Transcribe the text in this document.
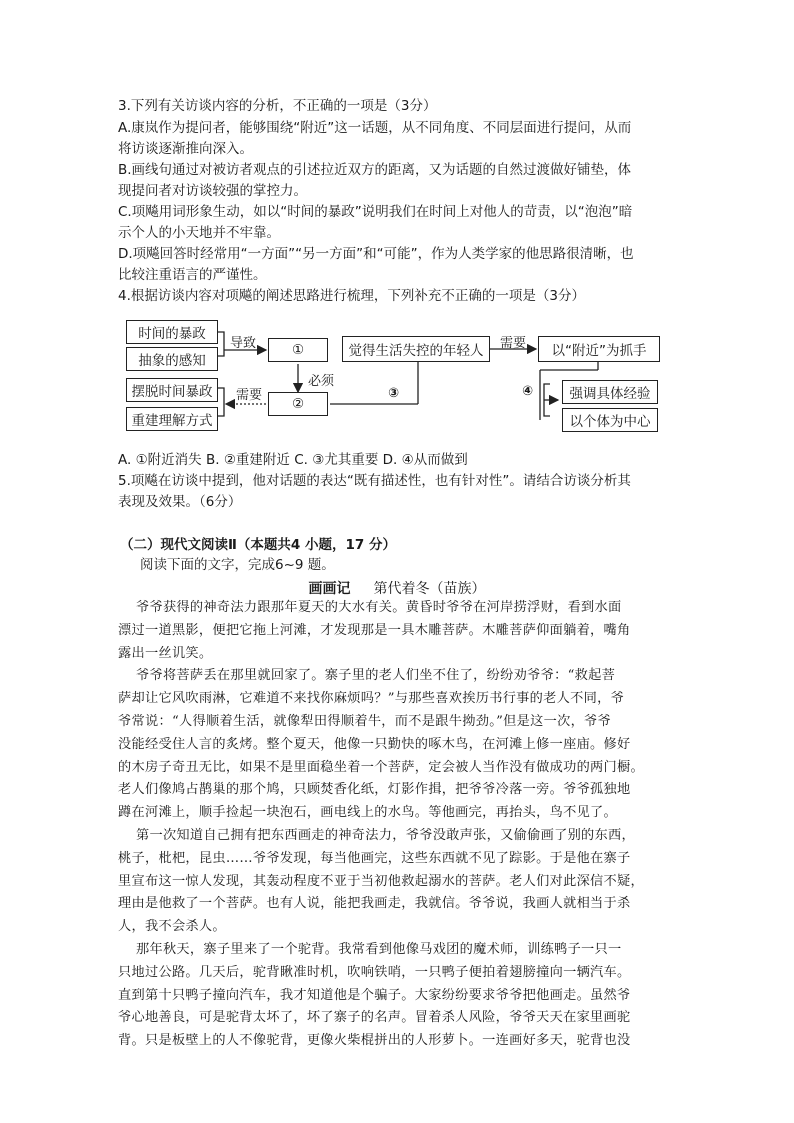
3.下列有关访谈内容的分析，不正确的一项是（3分）
A.康岚作为提问者，能够围绕“附近”这一话题，从不同角度、不同层面进行提问，从而
将访谈逐渐推向深入。
B.画线句通过对被访者观点的引述拉近双方的距离，又为话题的自然过渡做好铺垫，体
现提问者对访谈较强的掌控力。
C.项飚用词形象生动，如以“时间的暴政”说明我们在时间上对他人的苛责，以“泡泡”暗
示个人的小天地并不牢靠。
D.项飚回答时经常用“一方面”“另一方面”和“可能”，作为人类学家的他思路很清晰，也
比较注重语言的严谨性。
4.根据访谈内容对项飚的阐述思路进行梳理，下列补充不正确的一项是（3分）
时间的暴政
抽象的感知
导致	①
必须
②
需要
摆脱时间暴政
重建理解方式
③
觉得生活失控的年轻人	需要	以“附近”为抓手
④	强调具体经验
以个体为中心
A. ①附近消失 B. ②重建附近 C. ③尤其重要 D. ④从而做到
5.项飚在访谈中提到，他对话题的表达“既有描述性，也有针对性”。请结合访谈分析其
表现及效果。（6分）
（二）现代文阅读Ⅱ（本题共4 小题，17 分）
阅读下面的文字，完成6~9 题。
画画记 第代着冬（苗族）
爷爷获得的神奇法力跟那年夏天的大水有关。黄昏时爷爷在河岸捞浮财，看到水面
漂过一道黑影，便把它拖上河滩，才发现那是一具木雕菩萨。木雕菩萨仰面躺着，嘴角
露出一丝讥笑。
爷爷将菩萨丢在那里就回家了。寨子里的老人们坐不住了，纷纷劝爷爷：“救起菩
萨却让它风吹雨淋，它难道不来找你麻烦吗？”与那些喜欢挨历书行事的老人不同，爷
爷常说：“人得顺着生活，就像犁田得顺着牛，而不是跟牛拗劲。”但是这一次，爷爷
没能经受住人言的炙烤。整个夏天，他像一只勤快的啄木鸟，在河滩上修一座庙。修好
的木房子奇丑无比，如果不是里面稳坐着一个菩萨，定会被人当作没有做成功的两门橱。
老人们像鸠占鹊巢的那个鸠，只顾焚香化纸，灯影作揖，把爷爷冷落一旁。爷爷孤独地
蹲在河滩上，顺手捡起一块泡石，画电线上的水鸟。等他画完，再抬头，鸟不见了。
第一次知道自己拥有把东西画走的神奇法力，爷爷没敢声张，又偷偷画了别的东西，
桃子，枇杷，昆虫……爷爷发现，每当他画完，这些东西就不见了踪影。于是他在寨子
里宣布这一惊人发现，其轰动程度不亚于当初他救起溺水的菩萨。老人们对此深信不疑，
理由是他救了一个菩萨。也有人说，能把我画走，我就信。爷爷说，我画人就相当于杀
人，我不会杀人。
那年秋天，寨子里来了一个驼背。我常看到他像马戏团的魔术师，训练鸭子一只一
只地过公路。几天后，驼背瞅准时机，吹响铁哨，一只鸭子便拍着翅膀撞向一辆汽车。
直到第十只鸭子撞向汽车，我才知道他是个骗子。大家纷纷要求爷爷把他画走。虽然爷
爷心地善良，可是驼背太坏了，坏了寨子的名声。冒着杀人风险，爷爷天天在家里画驼
背。只是板壁上的人不像驼背，更像火柴棍拼出的人形萝卜。一连画好多天，驼背也没
